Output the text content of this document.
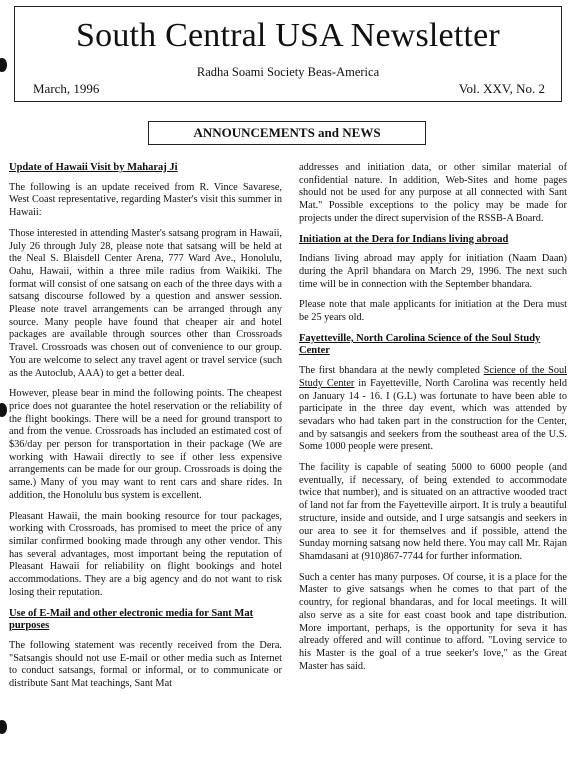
South Central USA Newsletter
Radha Soami Society Beas-America
March, 1996	Vol. XXV, No. 2
ANNOUNCEMENTS and NEWS
Update of Hawaii Visit by Maharaj Ji

The following is an update received from R. Vince Savarese, West Coast representative, regarding Master's visit this summer in Hawaii:

Those interested in attending Master's satsang program in Hawaii, July 26 through July 28, please note that satsang will be held at the Neal S. Blaisdell Center Arena, 777 Ward Ave., Honolulu, Oahu, Hawaii, within a three mile radius from Waikiki. The format will consist of one satsang on each of the three days with a satsang discourse followed by a question and answer session. Please note travel arrangements can be arranged through any source. Many people have found that cheaper air and hotel packages are available through sources other than Crossroads Travel. Crossroads was chosen out of convenience to our group. You are welcome to select any travel agent or travel service (such as the Autoclub, AAA) to get a better deal.

However, please bear in mind the following points. The cheapest price does not guarantee the hotel reservation or the reliability of the flight bookings. There will be a need for ground transport to and from the venue. Crossroads has included an estimated cost of $36/day per person for transportation in their package (We are working with Hawaii directly to see if other less expensive arrangements can be made for our group. Crossroads is doing the same.) Many of you may want to rent cars and share rides. In addition, the Honolulu bus system is excellent.

Pleasant Hawaii, the main booking resource for tour packages, working with Crossroads, has promised to meet the price of any similar confirmed booking made through any other vendor. This has several advantages, most important being the reputation of Pleasant Hawaii for reliability on flight bookings and hotel accommodations. They are a big agency and do not want to risk losing their reputation.

Use of E-Mail and other electronic media for Sant Mat purposes

The following statement was recently received from the Dera. "Satsangis should not use E-mail or other media such as Internet to conduct satsangs, formal or informal, or to communicate or distribute Sant Mat teachings, Sant Mat

addresses and initiation data, or other similar material of confidential nature. In addition, Web-Sites and home pages should not be used for any purpose at all connected with Sant Mat." Possible exceptions to the policy may be made for projects under the direct supervision of the RSSB-A Board.

Initiation at the Dera for Indians living abroad

Indians living abroad may apply for initiation (Naam Daan) during the April bhandara on March 29, 1996. The next such time will be in connection with the September bhandara.

Please note that male applicants for initiation at the Dera must be 25 years old.

Fayetteville, North Carolina Science of the Soul Study Center

The first bhandara at the newly completed Science of the Soul Study Center in Fayetteville, North Carolina was recently held on January 14 - 16. I (G.L) was fortunate to have been able to participate in the three day event, which was attended by sevadars who had taken part in the construction for the Center, and by satsangis and seekers from the southeast area of the U.S. Some 1000 people were present.

The facility is capable of seating 5000 to 6000 people (and eventually, if necessary, of being extended to accommodate twice that number), and is situated on an attractive wooded tract of land not far from the Fayetteville airport. It is truly a beautiful structure, inside and outside, and I urge satsangis and seekers in our area to see it for themselves and if possible, attend the Sunday morning satsang now held there. You may call Mr. Rajan Shamdasani at (910)867-7744 for further information.

Such a center has many purposes. Of course, it is a place for the Master to give satsangs when he comes to that part of the country, for regional bhandaras, and for local meetings. It will also serve as a site for east coast book and tape distribution. More important, perhaps, is the opportunity for seva it has already offered and will continue to afford. "Loving service to his Master is the goal of a true seeker's love," as the Great Master has said.
